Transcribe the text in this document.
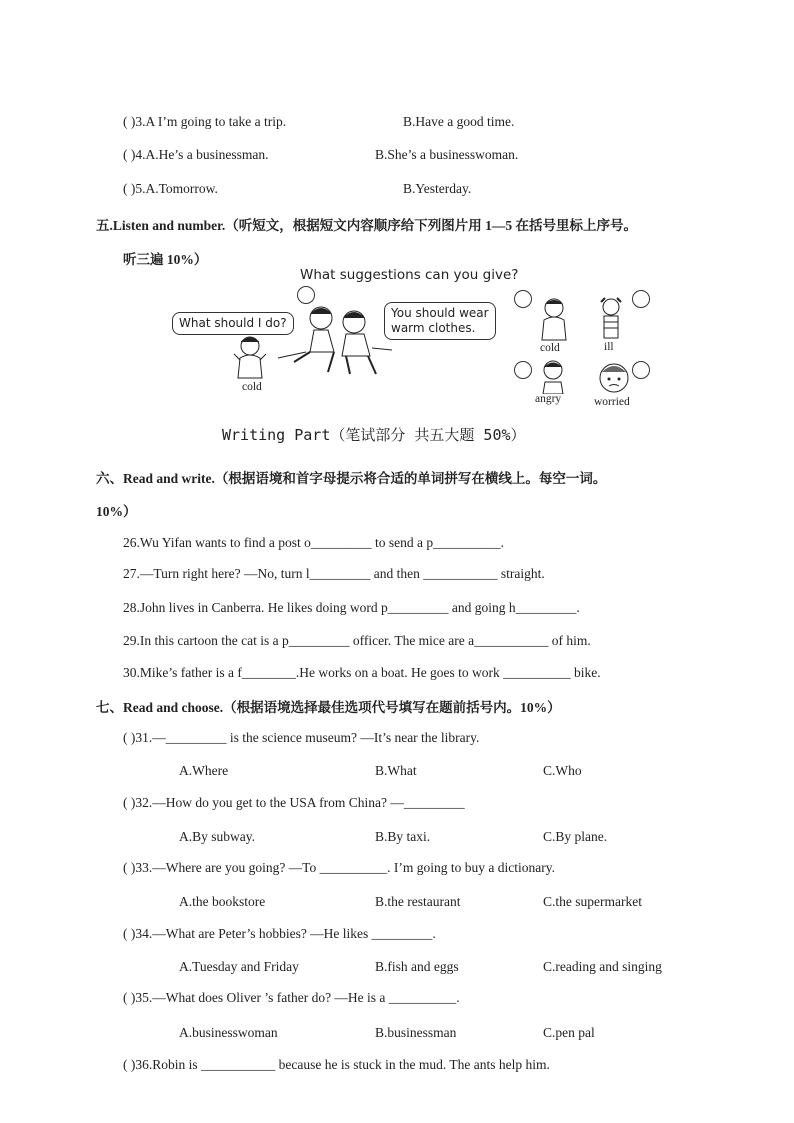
( )3.A I’m going to take a trip.	B.Have a good time.
( )4.A.He’s a businessman.	B.She’s a businesswoman.
( )5.A.Tomorrow.	B.Yesterday.
五.Listen and number.（听短文，根据短文内容顺序给下列图片用 1—5 在括号里标上序号。
听三遍 10%）
What suggestions can you give?
What should I do?
You should wear
warm clothes.
cold
cold	ill
angry	worried
Writing Part（笔试部分 共五大题 50%）
六、Read and write.（根据语境和首字母提示将合适的单词拼写在横线上。每空一词。
10%）
26.Wu Yifan wants to find a post o_________ to send a p__________.
27.—Turn right here? —No, turn l_________ and then ___________ straight.
28.John lives in Canberra. He likes doing word p_________ and going h_________.
29.In this cartoon the cat is a p_________ officer. The mice are a___________ of him.
30.Mike’s father is a f________.He works on a boat. He goes to work __________ bike.
七、Read and choose.（根据语境选择最佳选项代号填写在题前括号内。10%）
( )31.—_________ is the science museum? —It’s near the library.
A.Where	B.What	C.Who
( )32.—How do you get to the USA from China? —_________
A.By subway.	B.By taxi.	C.By plane.
( )33.—Where are you going? —To __________. I’m going to buy a dictionary.
A.the bookstore	B.the restaurant	C.the supermarket
( )34.—What are Peter’s hobbies? —He likes _________.
A.Tuesday and Friday	B.fish and eggs	C.reading and singing
( )35.—What does Oliver ’s father do? —He is a __________.
A.businesswoman	B.businessman	C.pen pal
( )36.Robin is ___________ because he is stuck in the mud. The ants help him.
